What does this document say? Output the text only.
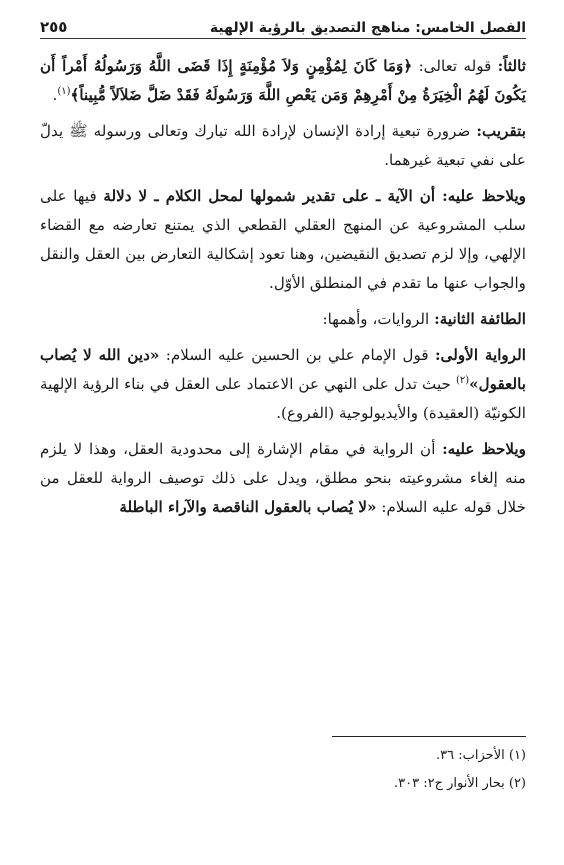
الفصل الخامس: مناهج التصديق بالرؤية الإلهية
٢٥٥

ثالثاً: قوله تعالى: ﴿وَمَا كَانَ لِمُؤْمِنٍ وَلاَ مُؤْمِنَةٍ إِذَا قَضَى اللَّهُ وَرَسُولُهُ أَمْراً أَن يَكُونَ لَهُمُ الْخِيَرَةُ مِنْ أَمْرِهِمْ وَمَن يَعْصِ اللَّهَ وَرَسُولَهُ فَقَدْ ضَلَّ ضَلاَلاً مُّبِيناً﴾$^{(١)}$.

بتقريب: ضرورة تبعية إرادة الإنسان لإرادة الله تبارك وتعالى ورسوله ﷺ يدلّ على نفي تبعية غيرهما.

ويلاحظ عليه: أن الآية ـ على تقدير شمولها لمحل الكلام ـ لا دلالة فيها على سلب المشروعية عن المنهج العقلي القطعي الذي يمتنع تعارضه مع القضاء الإلهي، وإلا لزم تصديق النقيضين، وهنا تعود إشكالية التعارض بين العقل والنقل والجواب عنها ما تقدم في المنطلق الأوّل.

الطائفة الثانية: الروايات، وأهمها:

الرواية الأولى: قول الإمام علي بن الحسين عليه السلام: «دين الله لا يُصاب بالعقول»$^{(٢)}$ حيث تدل على النهي عن الاعتماد على العقل في بناء الرؤية الإلهية الكونيّة (العقيدة) والأيديولوجية (الفروع).

ويلاحظ عليه: أن الرواية في مقام الإشارة إلى محدودية العقل، وهذا لا يلزم منه إلغاء مشروعيته بنحو مطلق، ويدل على ذلك توصيف الرواية للعقل من خلال قوله عليه السلام: «لا يُصاب بالعقول الناقصة والآراء الباطلة

(١) الأحزاب: ٣٦.
(٢) بحار الأنوار ج٢: ٣٠٣.
